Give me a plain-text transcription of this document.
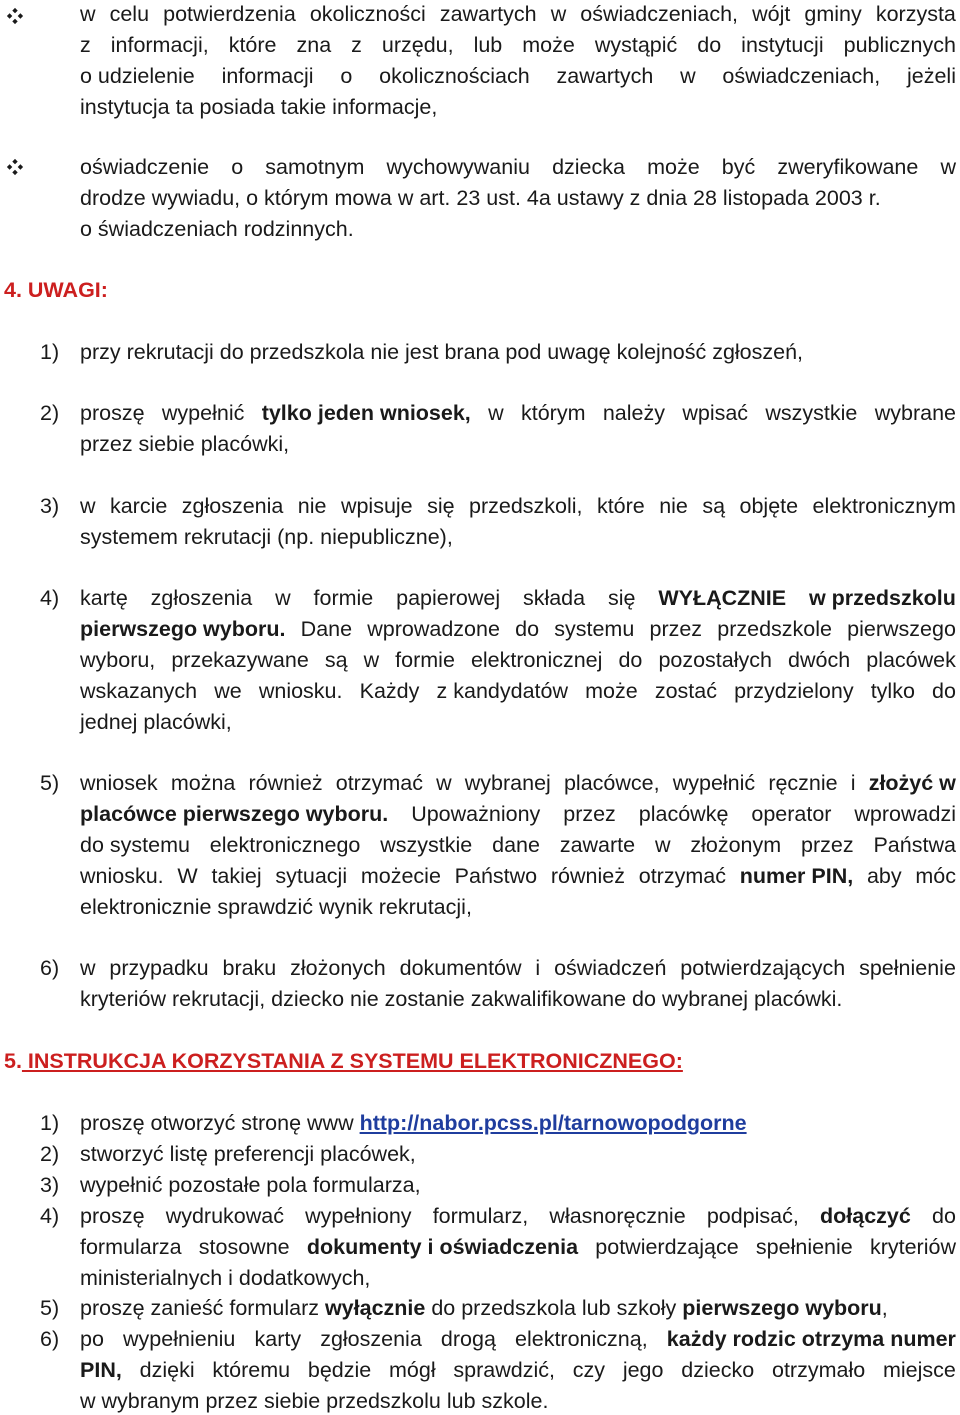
w celu potwierdzenia okoliczności zawartych w oświadczeniach, wójt gminy korzysta
z informacji, które zna z urzędu, lub może wystąpić do instytucji publicznych
o udzielenie informacji o okolicznościach zawartych w oświadczeniach, jeżeli
instytucja ta posiada takie informacje,
oświadczenie o samotnym wychowywaniu dziecka może być zweryfikowane w
drodze wywiadu, o którym mowa w art. 23 ust. 4a ustawy z dnia 28 listopada 2003 r.
o świadczeniach rodzinnych.
4. UWAGI:
1) przy rekrutacji do przedszkola nie jest brana pod uwagę kolejność zgłoszeń,
2) proszę wypełnić tylko jeden wniosek, w którym należy wpisać wszystkie wybrane
przez siebie placówki,
3) w karcie zgłoszenia nie wpisuje się przedszkoli, które nie są objęte elektronicznym
systemem rekrutacji (np. niepubliczne),
4) kartę zgłoszenia w formie papierowej składa się WYŁĄCZNIE w przedszkolu
pierwszego wyboru. Dane wprowadzone do systemu przez przedszkole pierwszego
wyboru, przekazywane są w formie elektronicznej do pozostałych dwóch placówek
wskazanych we wniosku. Każdy z kandydatów może zostać przydzielony tylko do
jednej placówki,
5) wniosek można również otrzymać w wybranej placówce, wypełnić ręcznie i złożyć w
placówce pierwszego wyboru. Upoważniony przez placówkę operator wprowadzi
do systemu elektronicznego wszystkie dane zawarte w złożonym przez Państwa
wniosku. W takiej sytuacji możecie Państwo również otrzymać numer PIN, aby móc
elektronicznie sprawdzić wynik rekrutacji,
6) w przypadku braku złożonych dokumentów i oświadczeń potwierdzających spełnienie
kryteriów rekrutacji, dziecko nie zostanie zakwalifikowane do wybranej placówki.
5. INSTRUKCJA KORZYSTANIA Z SYSTEMU ELEKTRONICZNEGO:
1) proszę otworzyć stronę www http://nabor.pcss.pl/tarnowopodgorne
2) stworzyć listę preferencji placówek,
3) wypełnić pozostałe pola formularza,
4) proszę wydrukować wypełniony formularz, własnoręcznie podpisać, dołączyć do
formularza stosowne dokumenty i oświadczenia potwierdzające spełnienie kryteriów
ministerialnych i dodatkowych,
5) proszę zanieść formularz wyłącznie do przedszkola lub szkoły pierwszego wyboru,
6) po wypełnieniu karty zgłoszenia drogą elektroniczną, każdy rodzic otrzyma numer
PIN, dzięki któremu będzie mógł sprawdzić, czy jego dziecko otrzymało miejsce
w wybranym przez siebie przedszkolu lub szkole.
